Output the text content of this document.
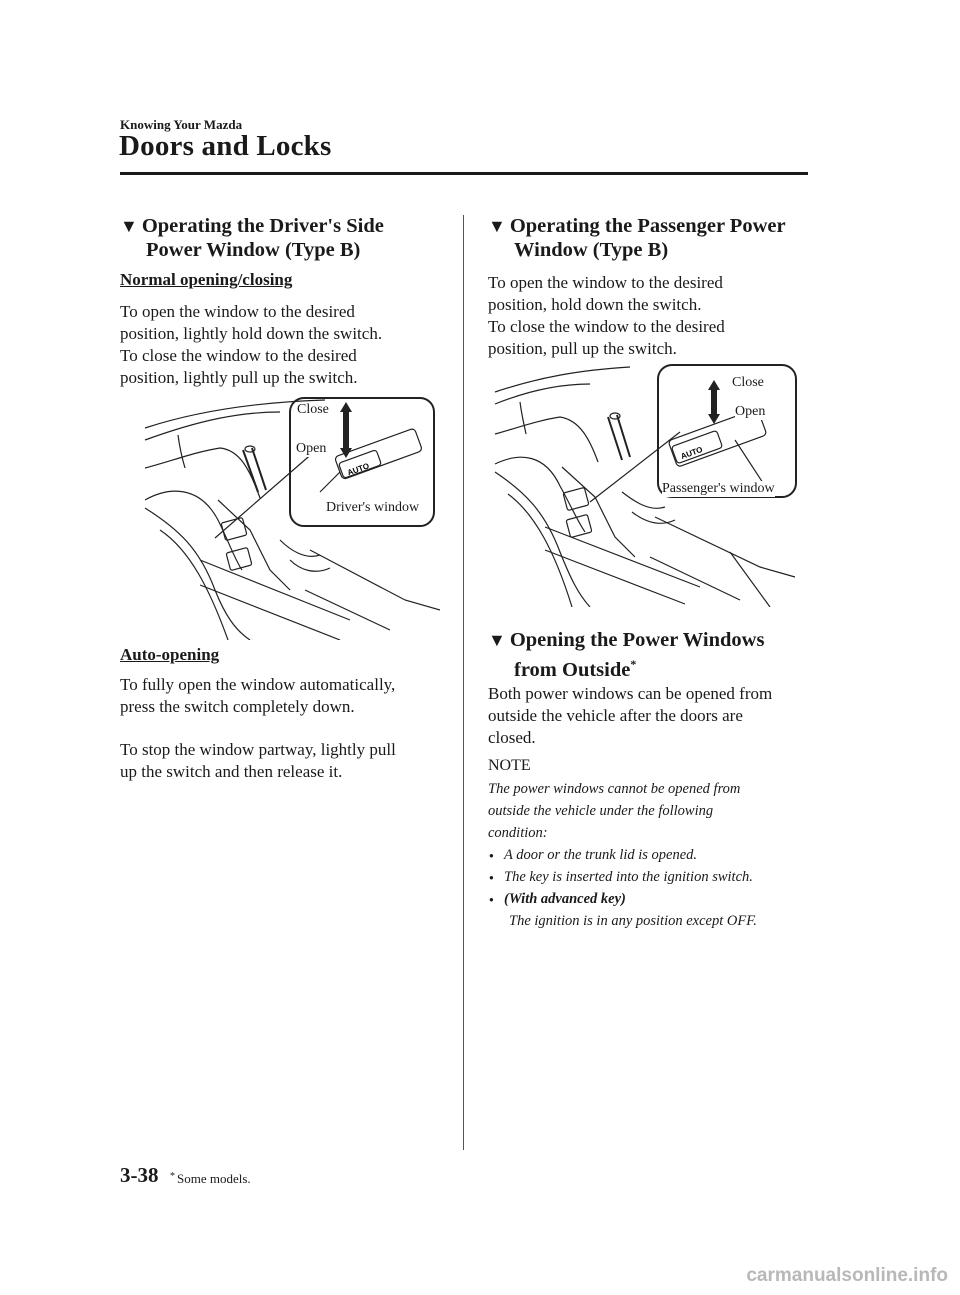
Knowing Your Mazda
Doors and Locks
▼ Operating the Driver's Side
Power Window (Type B)
Normal opening/closing

To open the window to the desired

position, lightly hold down the switch.

To close the window to the desired

position, lightly pull up the switch.

AUTO
Close
Open
Driver's window
Auto-opening

To fully open the window automatically,

press the switch completely down.

To stop the window partway, lightly pull

up the switch and then release it.

▼ Operating the Passenger Power
Window (Type B)

To open the window to the desired

position, hold down the switch.

To close the window to the desired

position, pull up the switch.

AUTO
Close
Open
Passenger's window
▼ Opening the Power Windows
from Outside*

Both power windows can be opened from

outside the vehicle after the doors are

closed.

NOTE
The power windows cannot be opened from
outside the vehicle under the following
condition:
● A door or the trunk lid is opened.
● The key is inserted into the ignition switch.
● (With advanced key)
The ignition is in any position except OFF.
3-38 * Some models.
carmanualsonline.info
